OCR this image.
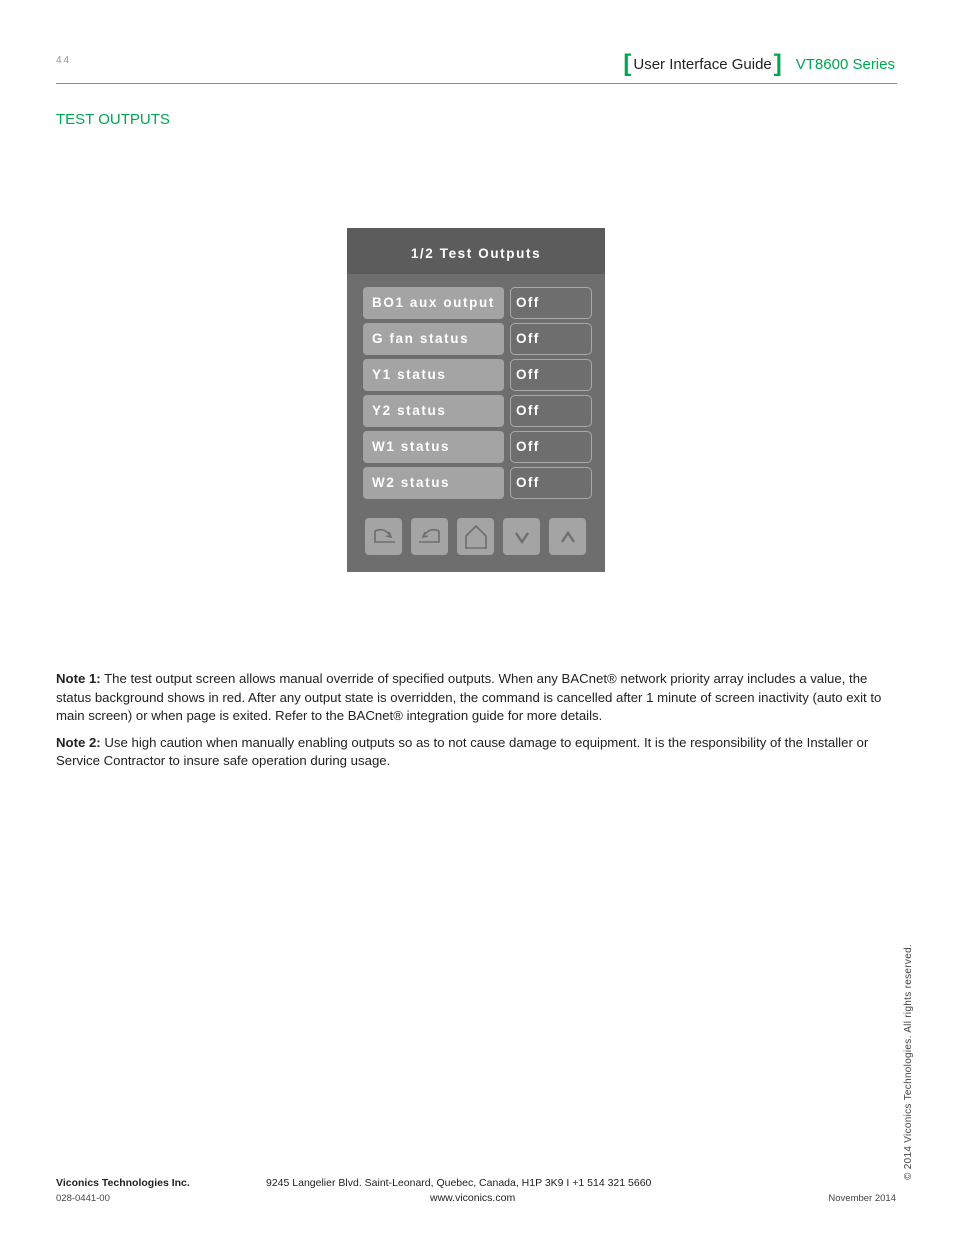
44	[ User Interface Guide ] VT8600 Series
TEST OUTPUTS
1/2 Test Outputs
BO1 aux output	Off
G fan status	Off
Y1 status	Off
Y2 status	Off
W1 status	Off
W2 status	Off

Note 1: The test output screen allows manual override of specified outputs. When any BACnet® network priority array includes a value, the status background shows in red. After any output state is overridden, the command is cancelled after 1 minute of screen inactivity (auto exit to main screen) or when page is exited. Refer to the BACnet® integration guide for more details.

Note 2: Use high caution when manually enabling outputs so as to not cause damage to equipment. It is the responsibility of the Installer or Service Contractor to insure safe operation during usage.

© 2014 Viconics Technologies. All rights reserved.
Viconics Technologies Inc.
028-0441-00
9245 Langelier Blvd. Saint-Leonard, Quebec, Canada, H1P 3K9 I +1 514 321 5660
www.viconics.com	November 2014
